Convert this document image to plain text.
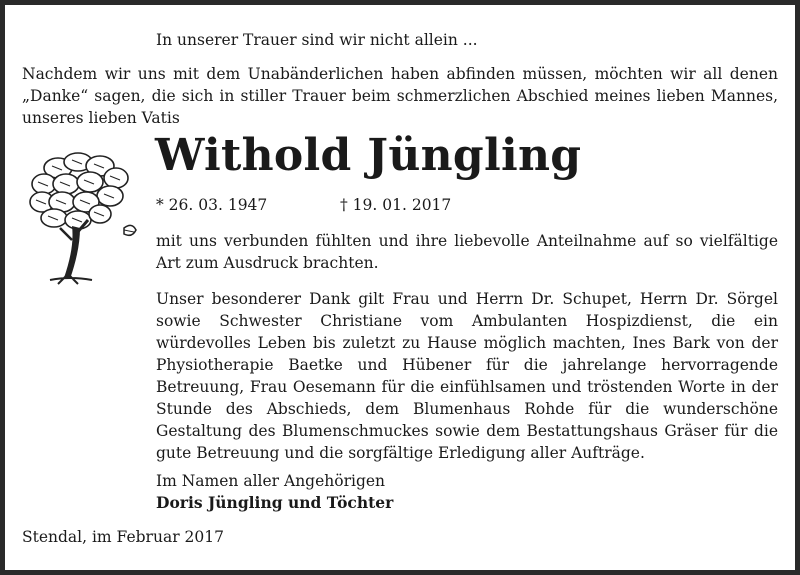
In unserer Trauer sind wir nicht allein ...
Nachdem wir uns mit dem Unabänderlichen haben abfinden müssen, möchten wir all denen „Danke“ sagen, die sich in stiller Trauer beim schmerzlichen Abschied meines lieben Mannes, unseres lieben Vatis
Withold Jüngling
* 26. 03. 1947	† 19. 01. 2017
mit uns verbunden fühlten und ihre liebevolle Anteilnahme auf so vielfältige Art zum Ausdruck brachten.
Unser besonderer Dank gilt Frau und Herrn Dr. Schupet, Herrn Dr. Sörgel sowie Schwester Christiane vom Ambulanten Hospizdienst, die ein würdevolles Leben bis zuletzt zu Hause möglich machten, Ines Bark von der Physiotherapie Baetke und Hübener für die jahrelange hervorragende Betreuung, Frau Oesemann für die einfühlsamen und tröstenden Worte in der Stunde des Abschieds, dem Blumenhaus Rohde für die wunderschöne Gestaltung des Blumenschmuckes sowie dem Bestattungshaus Gräser für die gute Betreuung und die sorgfältige Erledigung aller Aufträge.
Im Namen aller Angehörigen
Doris Jüngling und Töchter
Stendal, im Februar 2017
